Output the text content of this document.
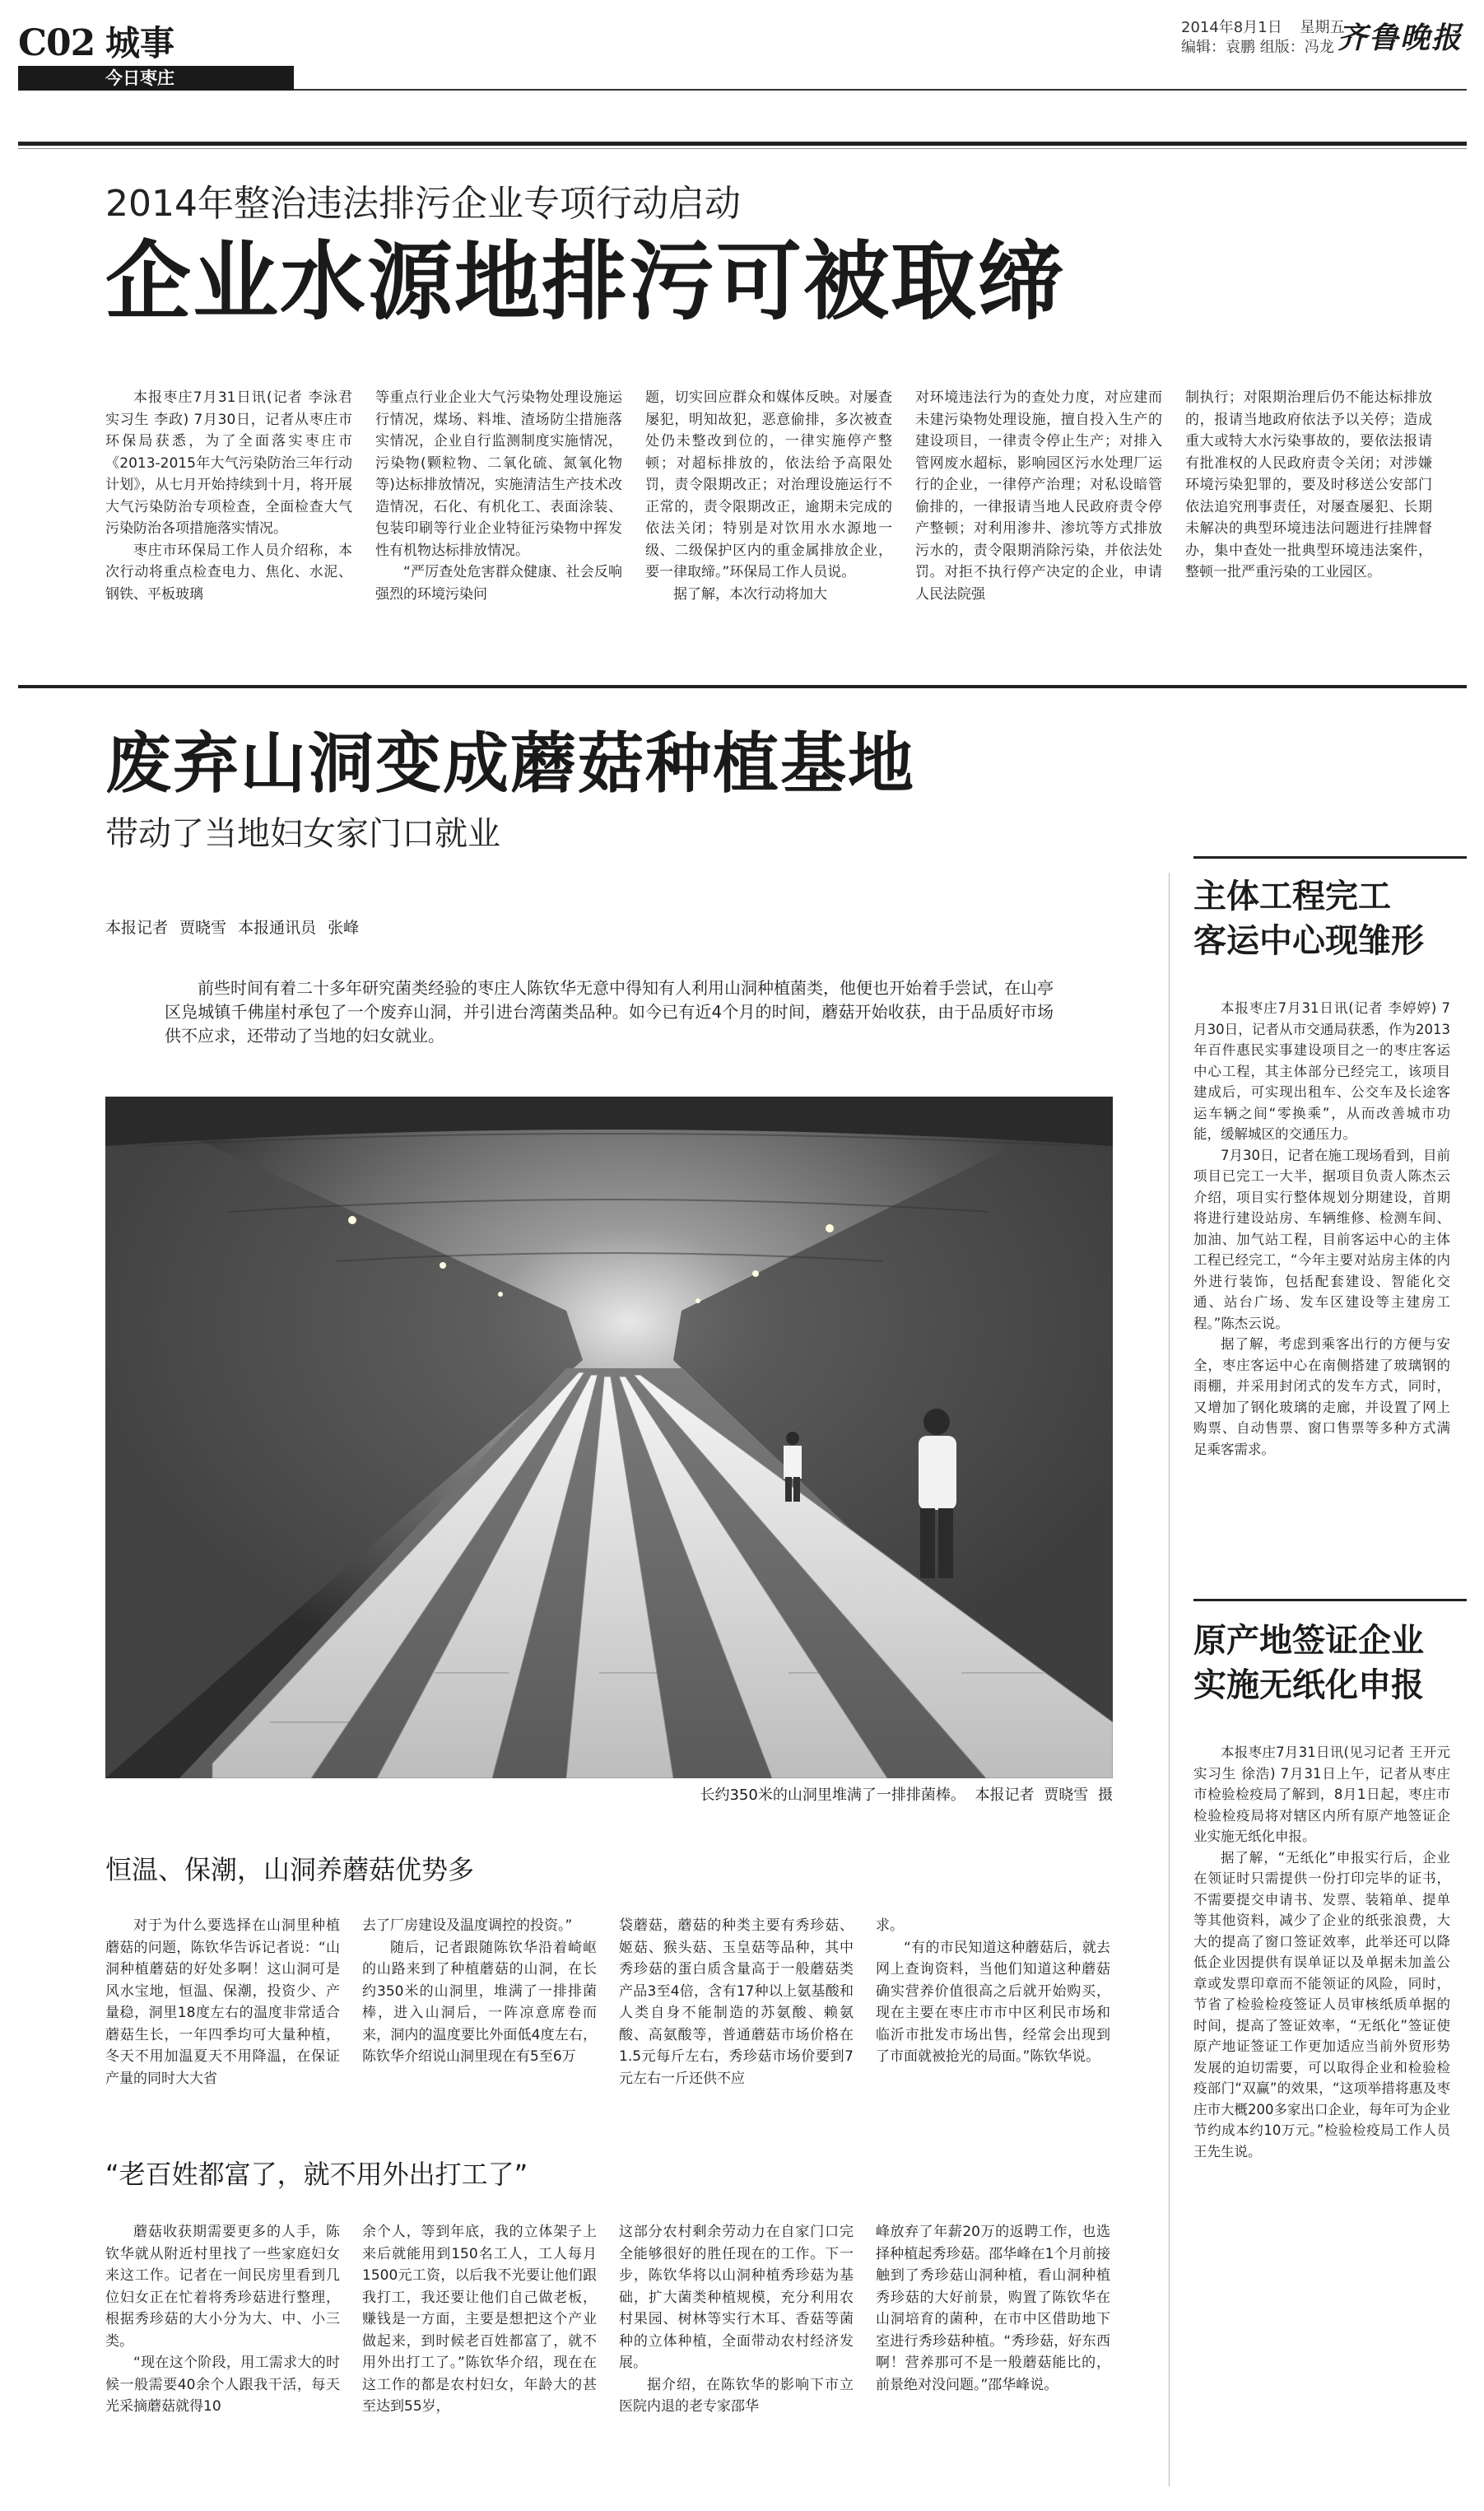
C02 城事
今日枣庄
2014年8月1日 星期五
编辑：袁鹏 组版：冯龙 齐鲁晚报
2014年整治违法排污企业专项行动启动
企业水源地排污可被取缔

本报枣庄7月31日讯(记者 李泳君 实习生 李政) 7月30日，记者从枣庄市环保局获悉，为了全面落实枣庄市《2013-2015年大气污染防治三年行动计划》，从七月开始持续到十月，将开展大气污染防治专项检查，全面检查大气污染防治各项措施落实情况。

枣庄市环保局工作人员介绍称，本次行动将重点检查电力、焦化、水泥、钢铁、平板玻璃

等重点行业企业大气污染物处理设施运行情况，煤场、料堆、渣场防尘措施落实情况，企业自行监测制度实施情况，污染物(颗粒物、二氧化硫、氮氧化物等)达标排放情况，实施清洁生产技术改造情况，石化、有机化工、表面涂装、包装印刷等行业企业特征污染物中挥发性有机物达标排放情况。

“严厉查处危害群众健康、社会反响强烈的环境污染问

题，切实回应群众和媒体反映。对屡查屡犯，明知故犯，恶意偷排，多次被查处仍未整改到位的，一律实施停产整顿；对超标排放的，依法给予高限处罚，责令限期改正；对治理设施运行不正常的，责令限期改正，逾期未完成的依法关闭；特别是对饮用水水源地一级、二级保护区内的重金属排放企业，要一律取缔。”环保局工作人员说。

据了解，本次行动将加大

对环境违法行为的查处力度，对应建而未建污染物处理设施，擅自投入生产的建设项目，一律责令停止生产；对排入管网废水超标，影响园区污水处理厂运行的企业，一律停产治理；对私设暗管偷排的，一律报请当地人民政府责令停产整顿；对利用渗井、渗坑等方式排放污水的，责令限期消除污染，并依法处罚。对拒不执行停产决定的企业，申请人民法院强

制执行；对限期治理后仍不能达标排放的，报请当地政府依法予以关停；造成重大或特大水污染事故的，要依法报请有批准权的人民政府责令关闭；对涉嫌环境污染犯罪的，要及时移送公安部门依法追究刑事责任，对屡查屡犯、长期未解决的典型环境违法问题进行挂牌督办，集中查处一批典型环境违法案件，整顿一批严重污染的工业园区。

废弃山洞变成蘑菇种植基地
带动了当地妇女家门口就业
本报记者 贾晓雪 本报通讯员 张峰

前些时间有着二十多年研究菌类经验的枣庄人陈钦华无意中得知有人利用山洞种植菌类，他便也开始着手尝试，在山亭区凫城镇千佛崖村承包了一个废弃山洞，并引进台湾菌类品种。如今已有近4个月的时间，蘑菇开始收获，由于品质好市场供不应求，还带动了当地的妇女就业。

长约350米的山洞里堆满了一排排菌棒。 本报记者 贾晓雪 摄
恒温、保潮，山洞养蘑菇优势多

对于为什么要选择在山洞里种植蘑菇的问题，陈钦华告诉记者说：“山洞种植蘑菇的好处多啊！这山洞可是风水宝地，恒温、保潮，投资少、产量稳，洞里18度左右的温度非常适合蘑菇生长，一年四季均可大量种植，冬天不用加温夏天不用降温，在保证产量的同时大大省

去了厂房建设及温度调控的投资。”

随后，记者跟随陈钦华沿着崎岖的山路来到了种植蘑菇的山洞，在长约350米的山洞里，堆满了一排排菌棒，进入山洞后，一阵凉意席卷而来，洞内的温度要比外面低4度左右，陈钦华介绍说山洞里现在有5至6万

袋蘑菇，蘑菇的种类主要有秀珍菇、姬菇、猴头菇、玉皇菇等品种，其中秀珍菇的蛋白质含量高于一般蘑菇类产品3至4倍，含有17种以上氨基酸和人类自身不能制造的苏氨酸、赖氨酸、高氨酸等，普通蘑菇市场价格在1.5元每斤左右，秀珍菇市场价要到7元左右一斤还供不应

求。

“有的市民知道这种蘑菇后，就去网上查询资料，当他们知道这种蘑菇确实营养价值很高之后就开始购买，现在主要在枣庄市市中区利民市场和临沂市批发市场出售，经常会出现到了市面就被抢光的局面。”陈钦华说。

“老百姓都富了，就不用外出打工了”

蘑菇收获期需要更多的人手，陈钦华就从附近村里找了一些家庭妇女来这工作。记者在一间民房里看到几位妇女正在忙着将秀珍菇进行整理，根据秀珍菇的大小分为大、中、小三类。

“现在这个阶段，用工需求大的时候一般需要40余个人跟我干活，每天光采摘蘑菇就得10

余个人，等到年底，我的立体架子上来后就能用到150名工人，工人每月1500元工资，以后我不光要让他们跟我打工，我还要让他们自己做老板，赚钱是一方面，主要是想把这个产业做起来，到时候老百姓都富了，就不用外出打工了。”陈钦华介绍，现在在这工作的都是农村妇女，年龄大的甚至达到55岁，

这部分农村剩余劳动力在自家门口完全能够很好的胜任现在的工作。下一步，陈钦华将以山洞种植秀珍菇为基础，扩大菌类种植规模，充分利用农村果园、树林等实行木耳、香菇等菌种的立体种植，全面带动农村经济发展。

据介绍，在陈钦华的影响下市立医院内退的老专家邵华

峰放弃了年薪20万的返聘工作，也选择种植起秀珍菇。邵华峰在1个月前接触到了秀珍菇山洞种植，看山洞种植秀珍菇的大好前景，购置了陈钦华在山洞培育的菌种，在市中区借助地下室进行秀珍菇种植。“秀珍菇，好东西啊！营养那可不是一般蘑菇能比的，前景绝对没问题。”邵华峰说。

主体工程完工
客运中心现雏形

本报枣庄7月31日讯(记者 李婷婷) 7月30日，记者从市交通局获悉，作为2013年百件惠民实事建设项目之一的枣庄客运中心工程，其主体部分已经完工，该项目建成后，可实现出租车、公交车及长途客运车辆之间“零换乘”，从而改善城市功能，缓解城区的交通压力。

7月30日，记者在施工现场看到，目前项目已完工一大半，据项目负责人陈杰云介绍，项目实行整体规划分期建设，首期将进行建设站房、车辆维修、检测车间、加油、加气站工程，目前客运中心的主体工程已经完工，“今年主要对站房主体的内外进行装饰，包括配套建设、智能化交通、站台广场、发车区建设等主建房工程。”陈杰云说。

据了解，考虑到乘客出行的方便与安全，枣庄客运中心在南侧搭建了玻璃钢的雨棚，并采用封闭式的发车方式，同时，又增加了钢化玻璃的走廊，并设置了网上购票、自动售票、窗口售票等多种方式满足乘客需求。

原产地签证企业
实施无纸化申报

本报枣庄7月31日讯(见习记者 王开元 实习生 徐浩) 7月31日上午，记者从枣庄市检验检疫局了解到，8月1日起，枣庄市检验检疫局将对辖区内所有原产地签证企业实施无纸化申报。

据了解，“无纸化”申报实行后，企业在领证时只需提供一份打印完毕的证书，不需要提交申请书、发票、装箱单、提单等其他资料，减少了企业的纸张浪费，大大的提高了窗口签证效率，此举还可以降低企业因提供有误单证以及单据未加盖公章或发票印章而不能领证的风险，同时，节省了检验检疫签证人员审核纸质单据的时间，提高了签证效率，“无纸化”签证使原产地证签证工作更加适应当前外贸形势发展的迫切需要，可以取得企业和检验检疫部门“双赢”的效果，“这项举措将惠及枣庄市大概200多家出口企业，每年可为企业节约成本约10万元。”检验检疫局工作人员王先生说。
